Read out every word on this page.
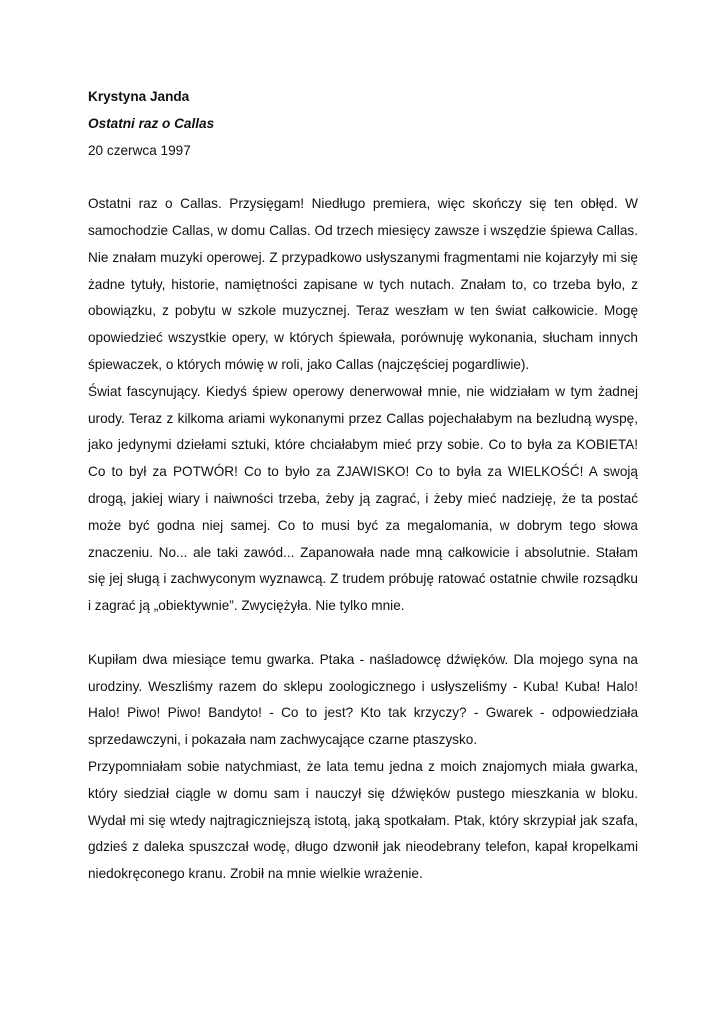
Krystyna Janda
Ostatni raz o Callas
20 czerwca 1997

Ostatni raz o Callas. Przysięgam! Niedługo premiera, więc skończy się ten obłęd. W samochodzie Callas, w domu Callas. Od trzech miesięcy zawsze i wszędzie śpiewa Callas. Nie znałam muzyki operowej. Z przypadkowo usłyszanymi fragmentami nie kojarzyły mi się żadne tytuły, historie, namiętności zapisane w tych nutach. Znałam to, co trzeba było, z obowiązku, z pobytu w szkole muzycznej. Teraz weszłam w ten świat całkowicie. Mogę opowiedzieć wszystkie opery, w których śpiewała, porównuję wykonania, słucham innych śpiewaczek, o których mówię w roli, jako Callas (najczęściej pogardliwie).

Świat fascynujący. Kiedyś śpiew operowy denerwował mnie, nie widziałam w tym żadnej urody. Teraz z kilkoma ariami wykonanymi przez Callas pojechałabym na bezludną wyspę, jako jedynymi dziełami sztuki, które chciałabym mieć przy sobie. Co to była za KOBIETA! Co to był za POTWÓR! Co to było za ZJAWISKO! Co to była za WIELKOŚĆ! A swoją drogą, jakiej wiary i naiwności trzeba, żeby ją zagrać, i żeby mieć nadzieję, że ta postać może być godna niej samej. Co to musi być za megalomania, w dobrym tego słowa znaczeniu. No... ale taki zawód... Zapanowała nade mną całkowicie i absolutnie. Stałam się jej sługą i zachwyconym wyznawcą. Z trudem próbuję ratować ostatnie chwile rozsądku i zagrać ją „obiektywnie”. Zwyciężyła. Nie tylko mnie.

Kupiłam dwa miesiące temu gwarka. Ptaka - naśladowcę dźwięków. Dla mojego syna na urodziny. Weszliśmy razem do sklepu zoologicznego i usłyszeliśmy - Kuba! Kuba! Halo! Halo! Piwo! Piwo! Bandyto! - Co to jest? Kto tak krzyczy? - Gwarek - odpowiedziała sprzedawczyni, i pokazała nam zachwycające czarne ptaszysko.

Przypomniałam sobie natychmiast, że lata temu jedna z moich znajomych miała gwarka, który siedział ciągle w domu sam i nauczył się dźwięków pustego mieszkania w bloku. Wydał mi się wtedy najtragiczniejszą istotą, jaką spotkałam. Ptak, który skrzypiał jak szafa, gdzieś z daleka spuszczał wodę, długo dzwonił jak nieodebrany telefon, kapał kropelkami niedokręconego kranu. Zrobił na mnie wielkie wrażenie.
